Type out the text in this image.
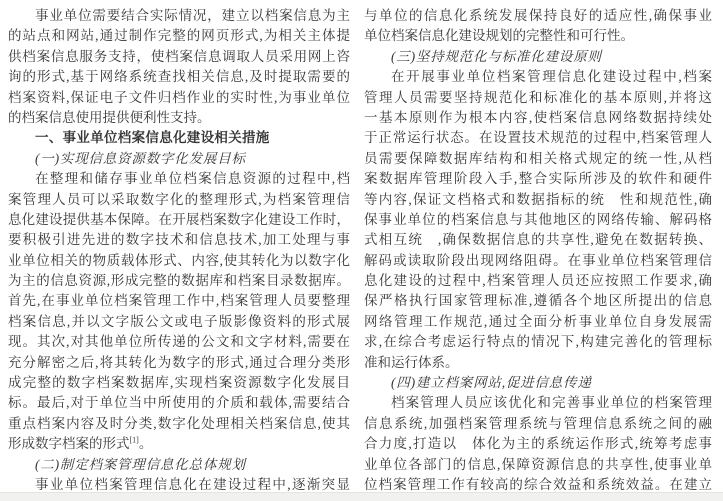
事业单位需要结合实际情况，建立以档案信息为主
的站点和网站,通过制作完整的网页形式,为相关主体提
供档案信息服务支持，使档案信息调取人员采用网上咨
询的形式,基于网络系统查找相关信息,及时提取需要的
档案资料,保证电子文件归档作业的实时性,为事业单位
的档案信息使用提供便利性支持。
一、事业单位档案信息化建设相关措施
(一)实现信息资源数字化发展目标
在整理和储存事业单位档案信息资源的过程中,档
案管理人员可以采取数字化的整理形式,为档案管理信
息化建设提供基本保障。在开展档案数字化建设工作时，
要积极引进先进的数字技术和信息技术,加工处理与事
业单位相关的物质载体形式、内容,使其转化为以数字化
为主的信息资源,形成完整的数据库和档案目录数据库。
首先,在事业单位档案管理工作中,档案管理人员要整理
档案信息,并以文字版公文或电子版影像资料的形式展
现。其次,对其他单位所传递的公文和文字材料,需要在
充分解密之后,将其转化为数字的形式,通过合理分类形
成完整的数字档案数据库,实现档案资源数字化发展目
标。最后,对于单位当中所使用的介质和载体,需要结合
重点档案内容及时分类,数字化处理相关档案信息,使其
形成数字档案的形式[1]。
(二)制定档案管理信息化总体规划
事业单位档案管理信息化在建设过程中,逐渐突显
与单位的信息化系统发展保持良好的适应性,确保事业
单位档案信息化建设规划的完整性和可行性。
(三)坚持规范化与标准化建设原则
在开展事业单位档案管理信息化建设过程中,档案
管理人员需要坚持规范化和标准化的基本原则,并将这
一基本原则作为根本内容,使档案信息网络数据持续处
于正常运行状态。在设置技术规范的过程中,档案管理人
员需要保障数据库结构和相关格式规定的统一性,从档
案数据库管理阶段入手,整合实际所涉及的软件和硬件
等内容,保证文档格式和数据指标的统　性和规范性,确
保事业单位的档案信息与其他地区的网络传输、解码格
式相互统　,确保数据信息的共享性,避免在数据转换、
解码或读取阶段出现网络阻碍。在事业单位档案管理信
息化建设的过程中,档案管理人员还应按照工作要求,确
保严格执行国家管理标准,遵循各个地区所提出的信息
网络管理工作规范,通过全面分析事业单位自身发展需
求,在综合考虑运行特点的情况下,构建完善化的管理标
准和运行体系。
(四)建立档案网站,促进信息传递
档案管理人员应该优化和完善事业单位的档案管理
信息系统,加强档案管理系统与管理信息系统之间的融
合力度,打造以　体化为主的系统运作形式,统筹考虑事
业单位各部门的信息,保障资源信息的共享性,使事业单
位档案管理工作有较高的综合效益和系统效益。在建立
